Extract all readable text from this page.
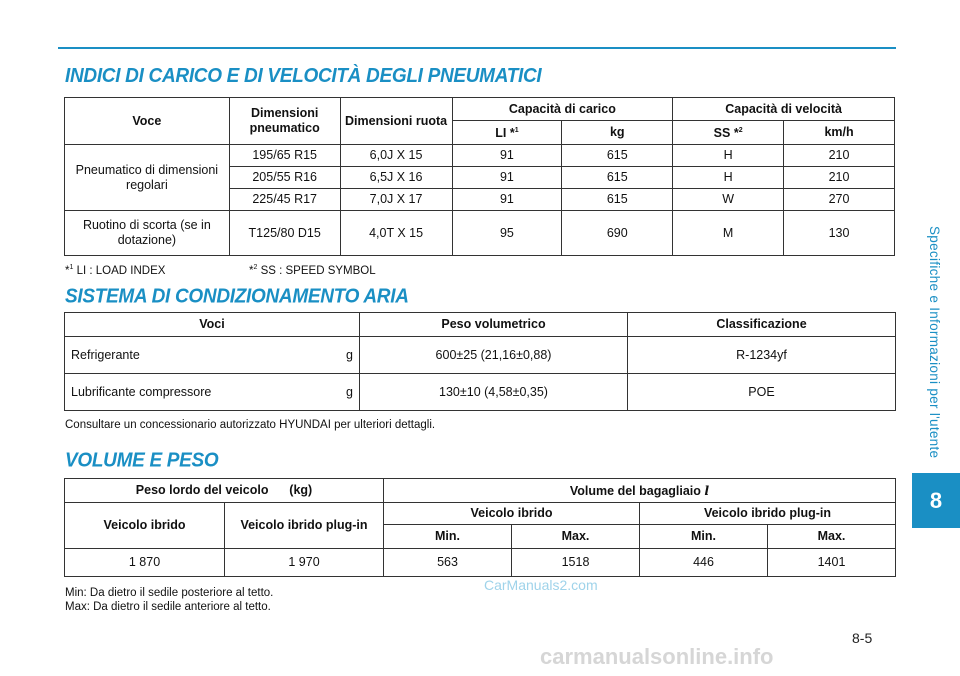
Specifiche e Informazioni per l'utente
8
8-5
INDICI DI CARICO E DI VELOCITÀ DEGLI PNEUMATICI
Voce	Dimensioni pneumatico	Dimensioni ruota	Capacità di carico		Capacità di velocità	
			LI *$^1$	kg	SS *$^2$	km/h
Pneumatico di dimensioni regolari	195/65 R15	6,0J X 15	91	615	H	210
	205/55 R16	6,5J X 16	91	615	H	210
	225/45 R17	7,0J X 17	91	615	W	270
Ruotino di scorta (se in dotazione)	T125/80 D15	4,0T X 15	95	690	M	130
*$^1$ LI : LOAD INDEX	*$^2$ SS : SPEED SYMBOL
SISTEMA DI CONDIZIONAMENTO ARIA
Voci	Peso volumetrico	Classificazione

Refrigerante g	600±25 (21,16±0,88)	R-1234yf

Lubrificante compressore g	130±10 (4,58±0,35)	POE
Consultare un concessionario autorizzato HYUNDAI per ulteriori dettagli.
VOLUME E PESO
Peso lordo del veicolo      (kg)		Volume del bagagliaio l			
Veicolo ibrido	Veicolo ibrido plug-in	Veicolo ibrido		Veicolo ibrido plug-in	
		Min.	Max.	Min.	Max.
1 870	1 970	563	1518	446	1401
Min: Da dietro il sedile posteriore al tetto.
Max: Da dietro il sedile anteriore al tetto.
CarManuals2.com
carmanualsonline.info
